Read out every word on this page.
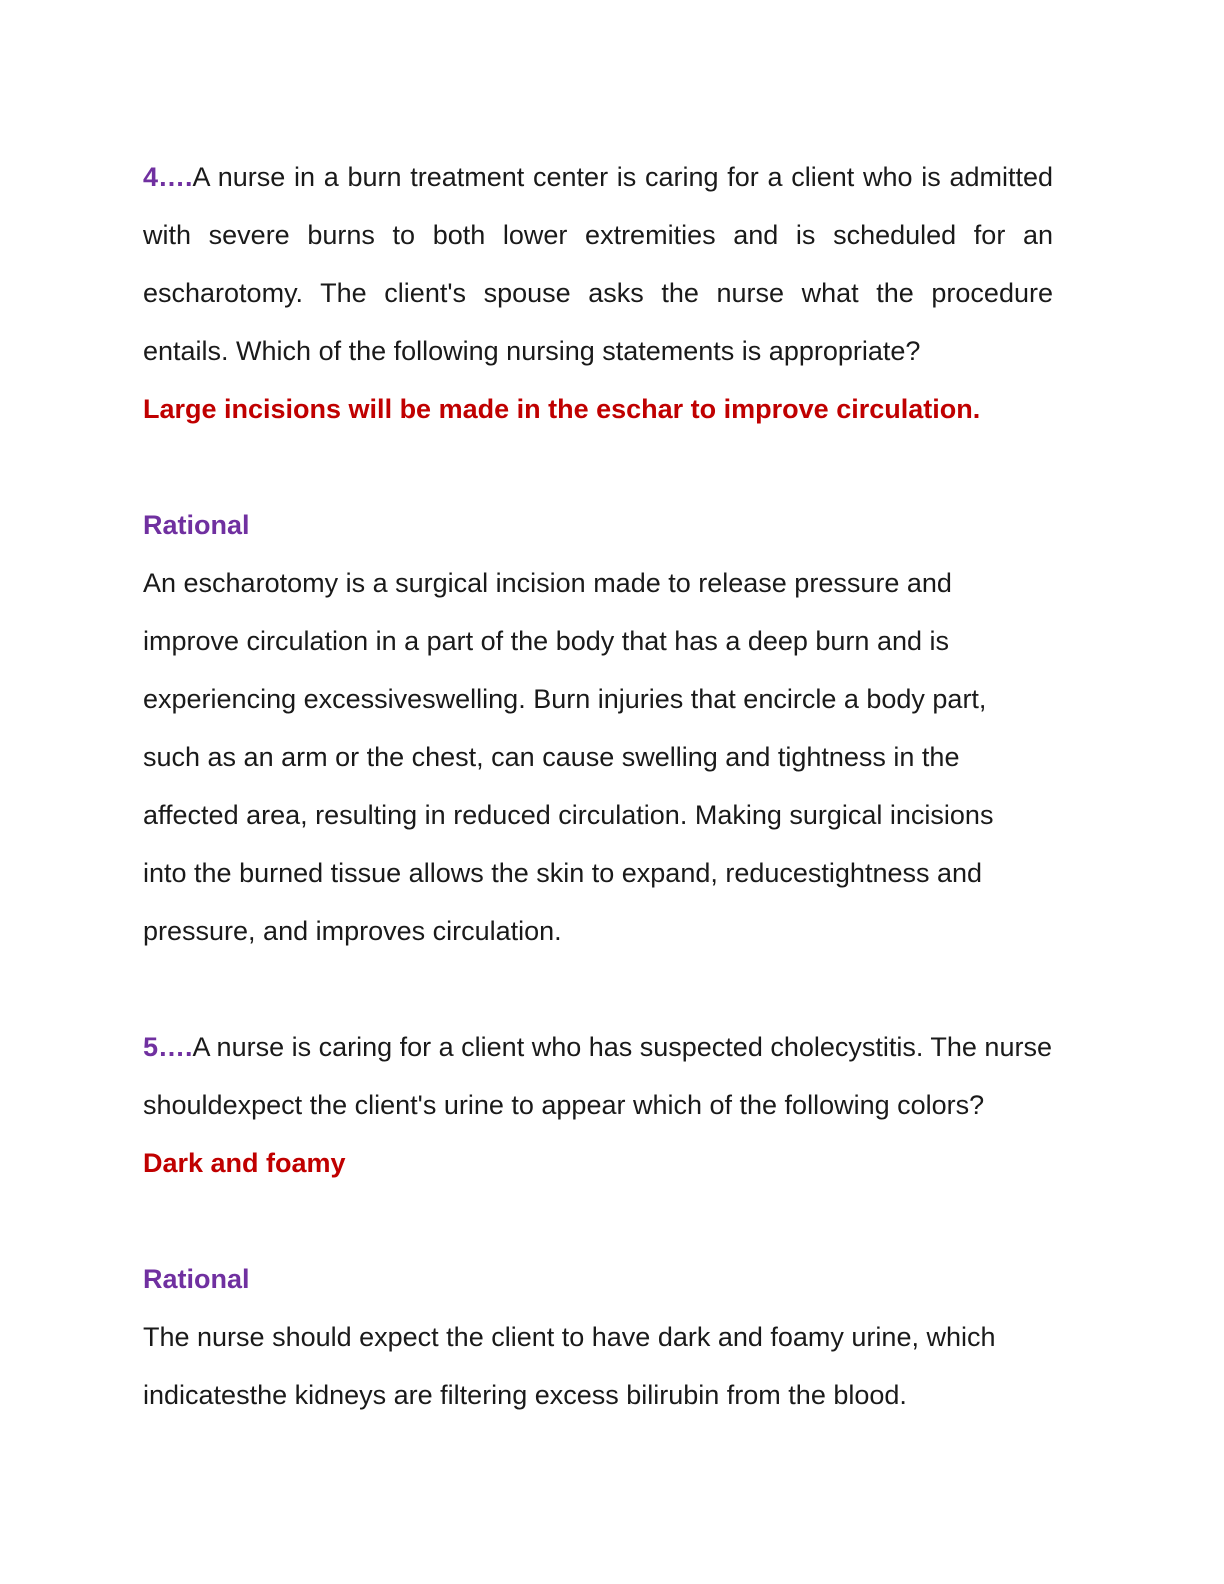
4….A nurse in a burn treatment center is caring for a client who is admitted with severe burns to both lower extremities and is scheduled for an escharotomy. The client's spouse asks the nurse what the procedure entails. Which of the following nursing statements is appropriate?

Large incisions will be made in the eschar to improve circulation.

Rational

An escharotomy is a surgical incision made to release pressure and

improve circulation in a part of the body that has a deep burn and is

experiencing excessiveswelling. Burn injuries that encircle a body part,

such as an arm or the chest, can cause swelling and tightness in the

affected area, resulting in reduced circulation. Making surgical incisions

into the burned tissue allows the skin to expand, reducestightness and

pressure, and improves circulation.

5….A nurse is caring for a client who has suspected cholecystitis. The nurse shouldexpect the client's urine to appear which of the following colors?

Dark and foamy

Rational

The nurse should expect the client to have dark and foamy urine, which

indicatesthe kidneys are filtering excess bilirubin from the blood.
